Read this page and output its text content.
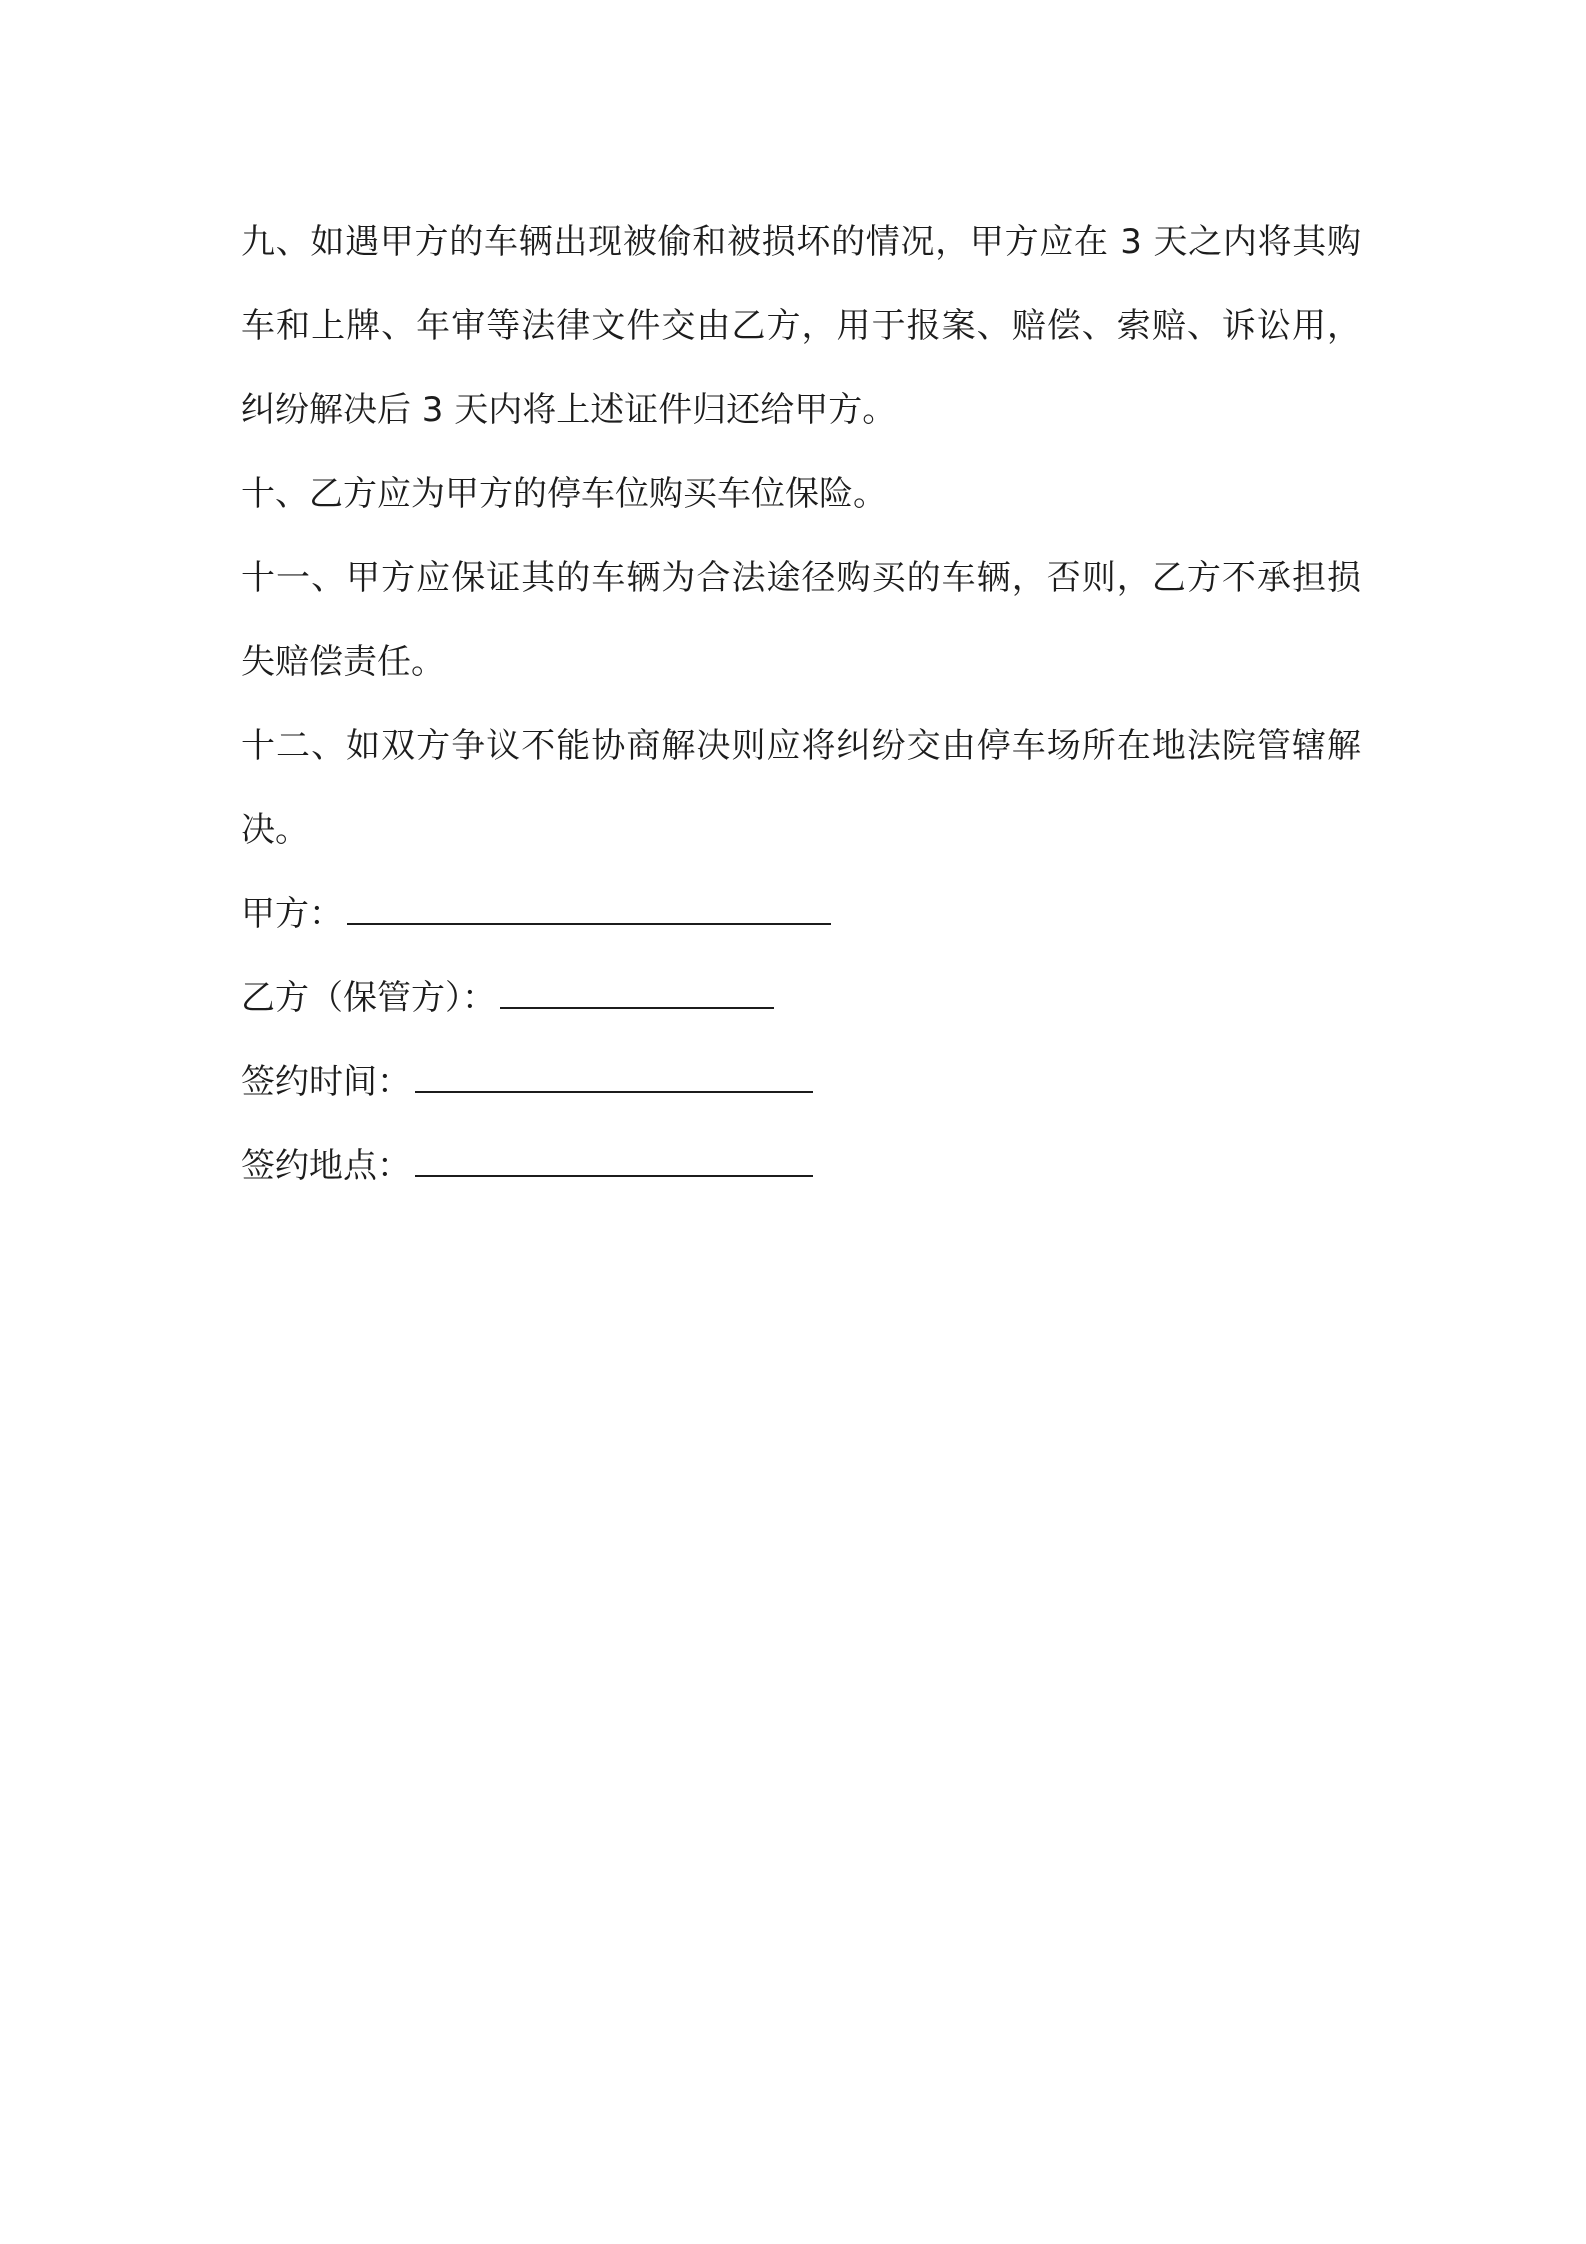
九、如遇甲方的车辆出现被偷和被损坏的情况，甲方应在 3 天之内将其购车和上牌、年审等法律文件交由乙方，用于报案、赔偿、索赔、诉讼用，纠纷解决后 3 天内将上述证件归还给甲方。

十、乙方应为甲方的停车位购买车位保险。

十一、甲方应保证其的车辆为合法途径购买的车辆，否则，乙方不承担损失赔偿责任。

十二、如双方争议不能协商解决则应将纠纷交由停车场所在地法院管辖解决。

甲方：
乙方（保管方）：
签约时间：
签约地点：
